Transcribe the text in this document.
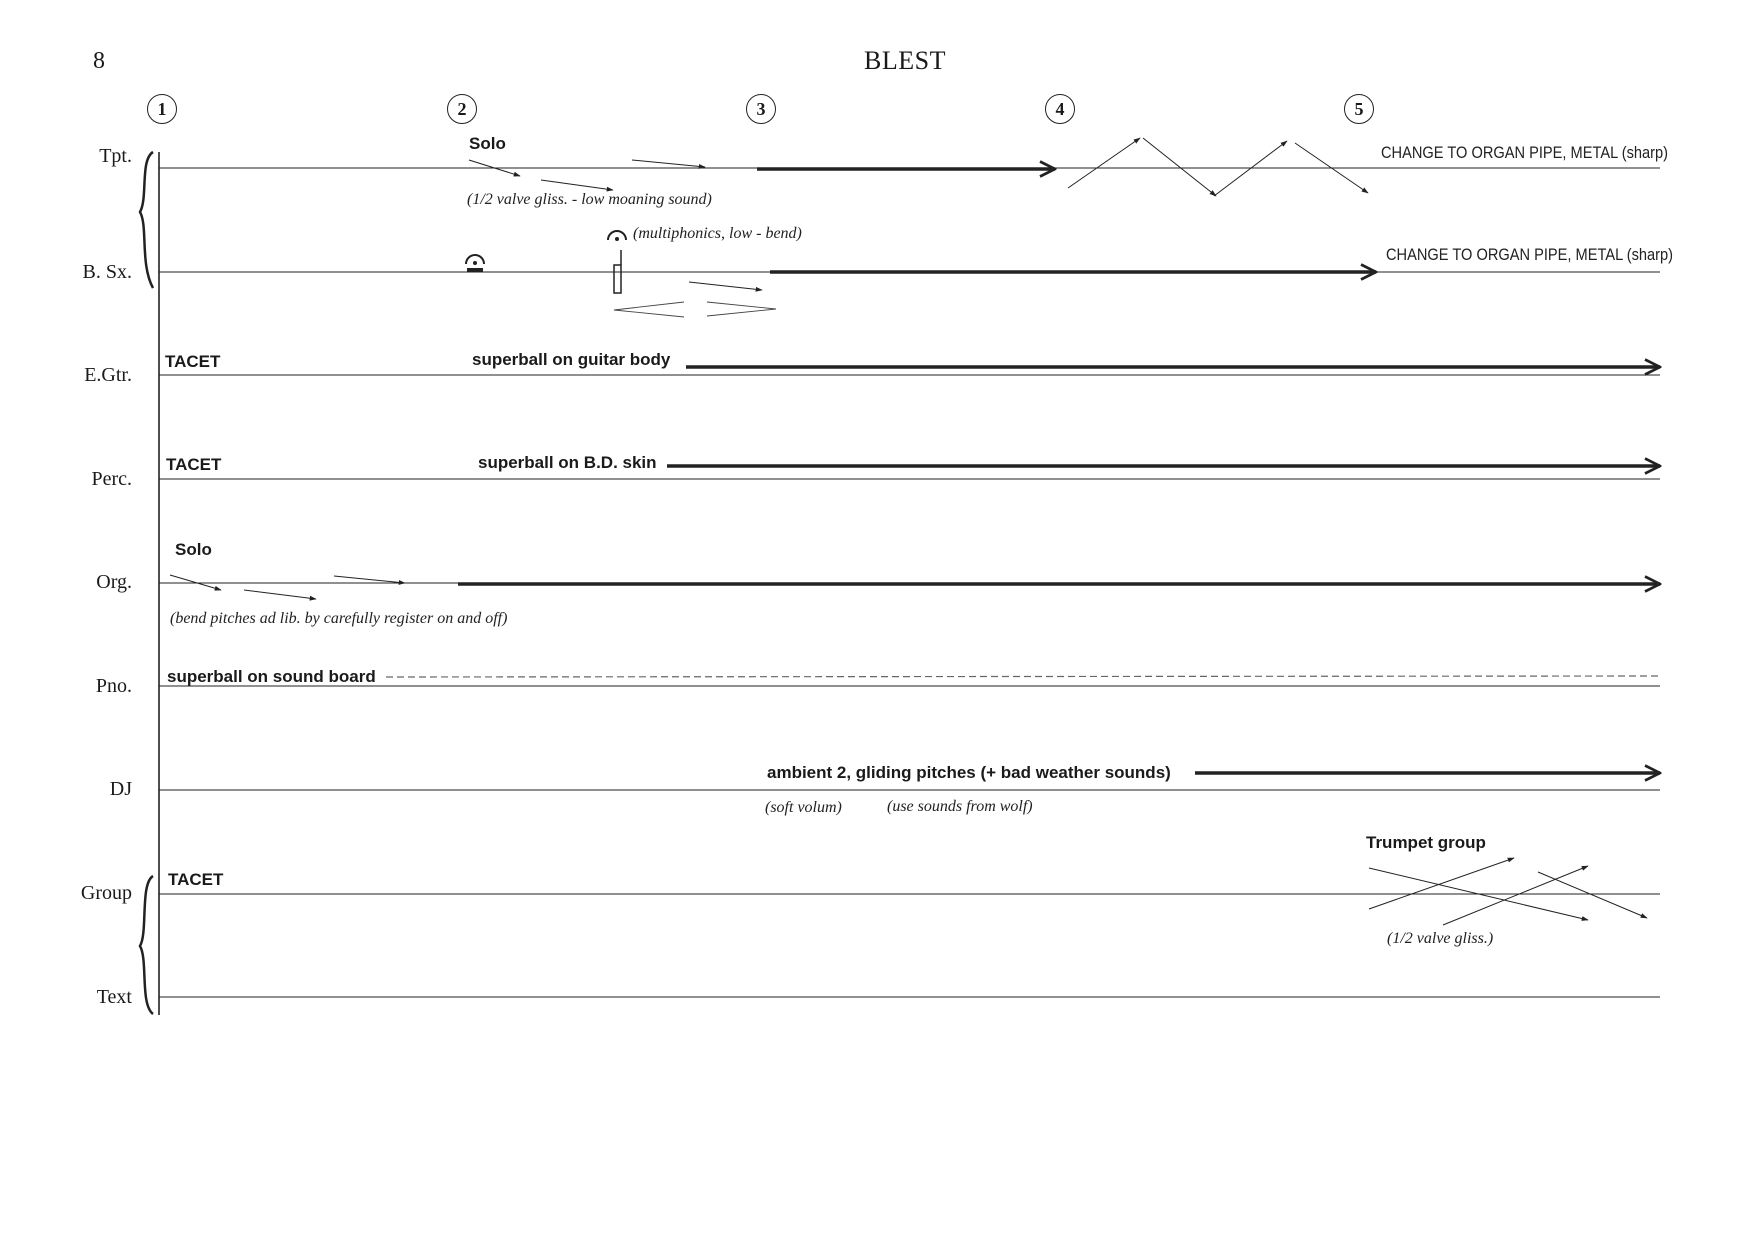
8	BLEST
1	2	3	4	5
Tpt.
B. Sx.
E.Gtr.
Perc.
Org.
Pno.
DJ
Group
Text
Solo
(1/2 valve gliss. - low moaning sound)
CHANGE TO ORGAN PIPE, METAL (sharp)
(multiphonics, low - bend)
CHANGE TO ORGAN PIPE, METAL (sharp)
TACET	superball on guitar body
TACET	superball on B.D. skin
Solo
(bend pitches ad lib. by carefully register on and off)
superball on sound board
ambient 2, gliding pitches (+ bad weather sounds)
(soft volum)	(use sounds from wolf)
TACET
Trumpet group
(1/2 valve gliss.)
